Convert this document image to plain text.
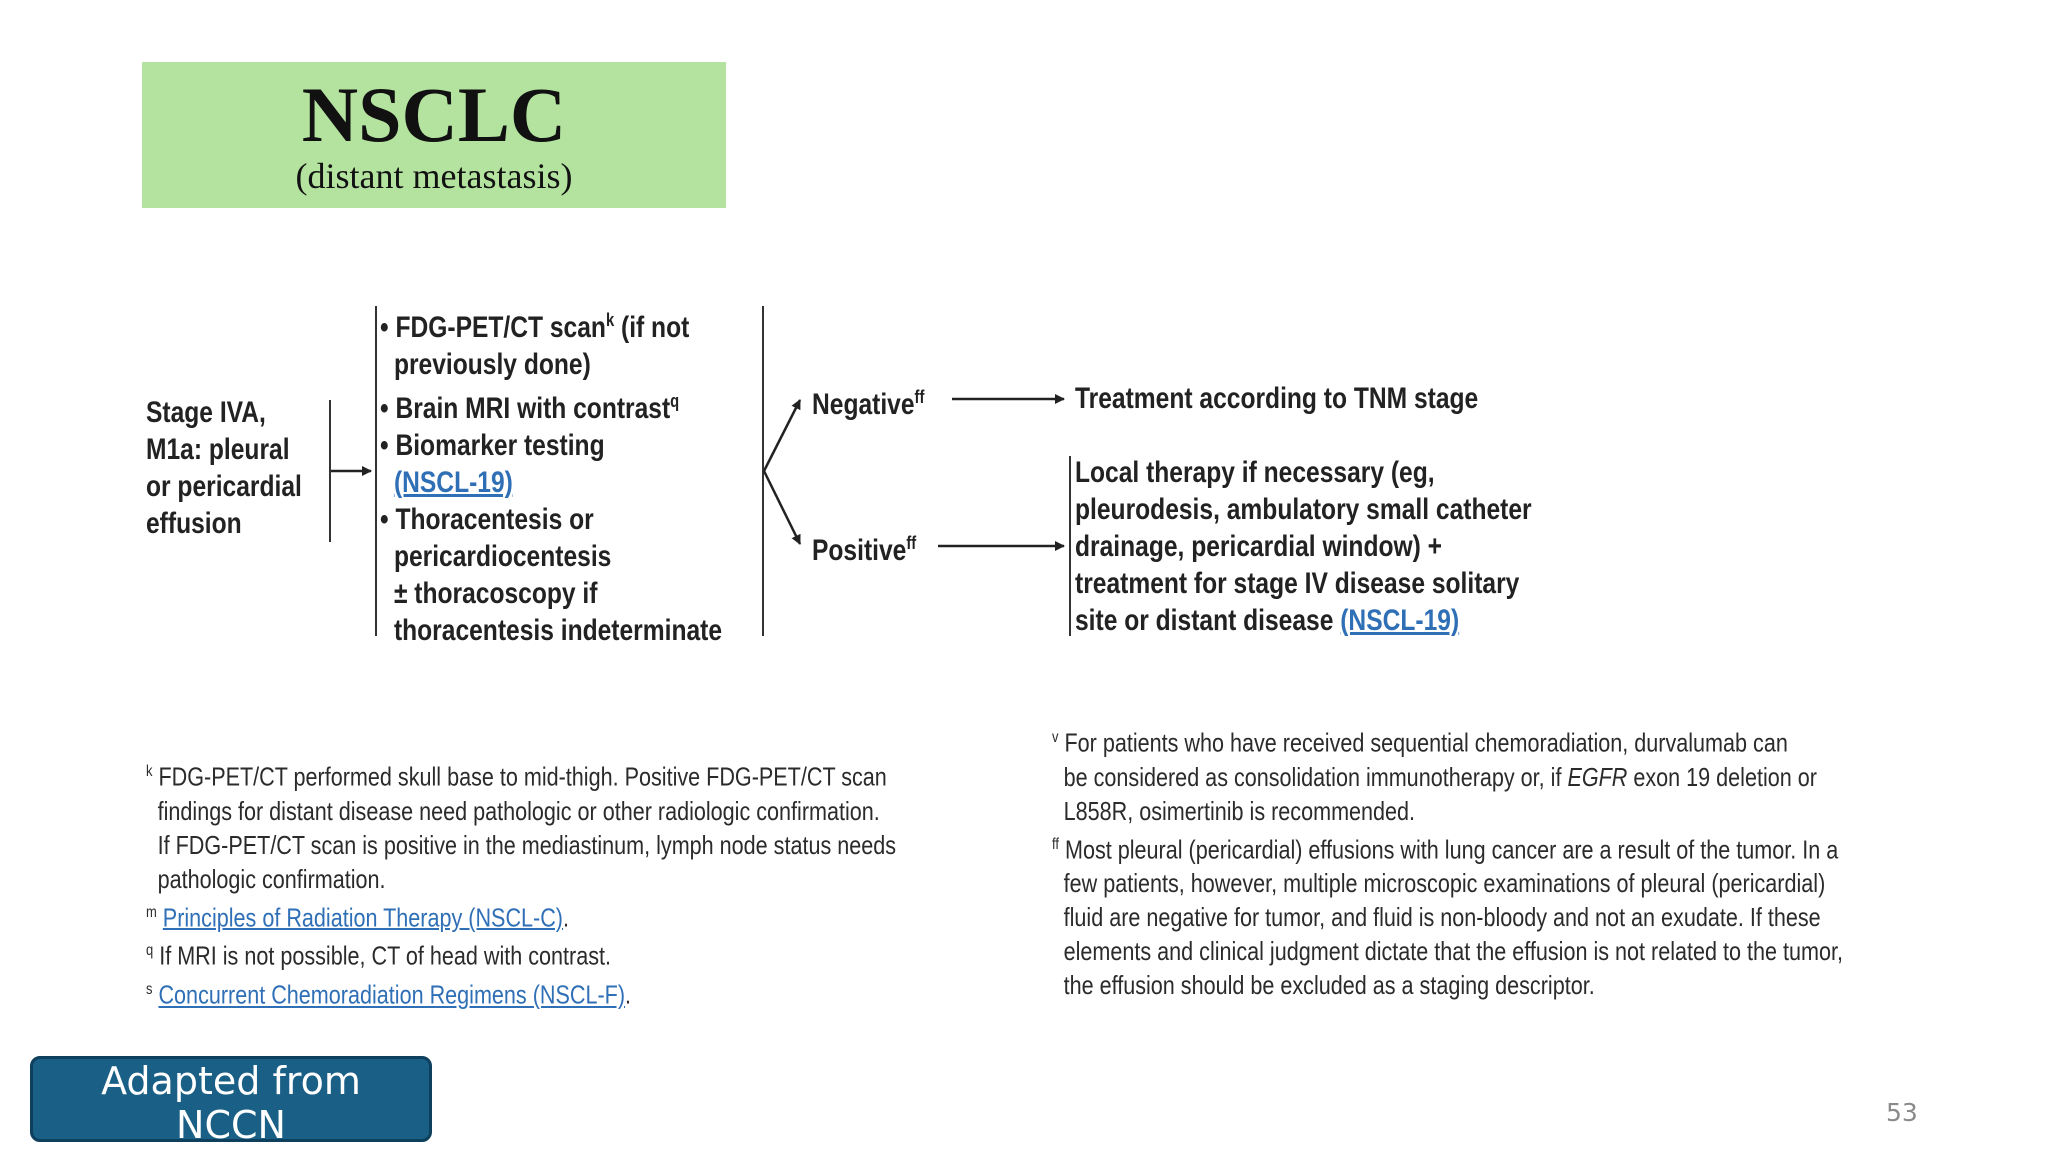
NSCLC
(distant metastasis)
Stage IVA,
M1a: pleural
or pericardial
effusion
• FDG-PET/CT scan$^k$ (if not
previously done)
• Brain MRI with contrast$^q$
• Biomarker testing
(NSCL-19)
• Thoracentesis or
pericardiocentesis
± thoracoscopy if
thoracentesis indeterminate
Negative$^{ff}$
Positive$^{ff}$
Treatment according to TNM stage
Local therapy if necessary (eg,
pleurodesis, ambulatory small catheter
drainage, pericardial window) +
treatment for stage IV disease solitary
site or distant disease (NSCL-19)
$^k$ FDG-PET/CT performed skull base to mid-thigh. Positive FDG-PET/CT scan
findings for distant disease need pathologic or other radiologic confirmation.
If FDG-PET/CT scan is positive in the mediastinum, lymph node status needs
pathologic confirmation.
$^m$ Principles of Radiation Therapy (NSCL-C).
$^q$ If MRI is not possible, CT of head with contrast.
$^s$ Concurrent Chemoradiation Regimens (NSCL-F).
$^v$ For patients who have received sequential chemoradiation, durvalumab can
be considered as consolidation immunotherapy or, if EGFR exon 19 deletion or
L858R, osimertinib is recommended.
$^{ff}$ Most pleural (pericardial) effusions with lung cancer are a result of the tumor. In a
few patients, however, multiple microscopic examinations of pleural (pericardial)
fluid are negative for tumor, and fluid is non-bloody and not an exudate. If these
elements and clinical judgment dictate that the effusion is not related to the tumor,
the effusion should be excluded as a staging descriptor.
Adapted from
NCCN	53
